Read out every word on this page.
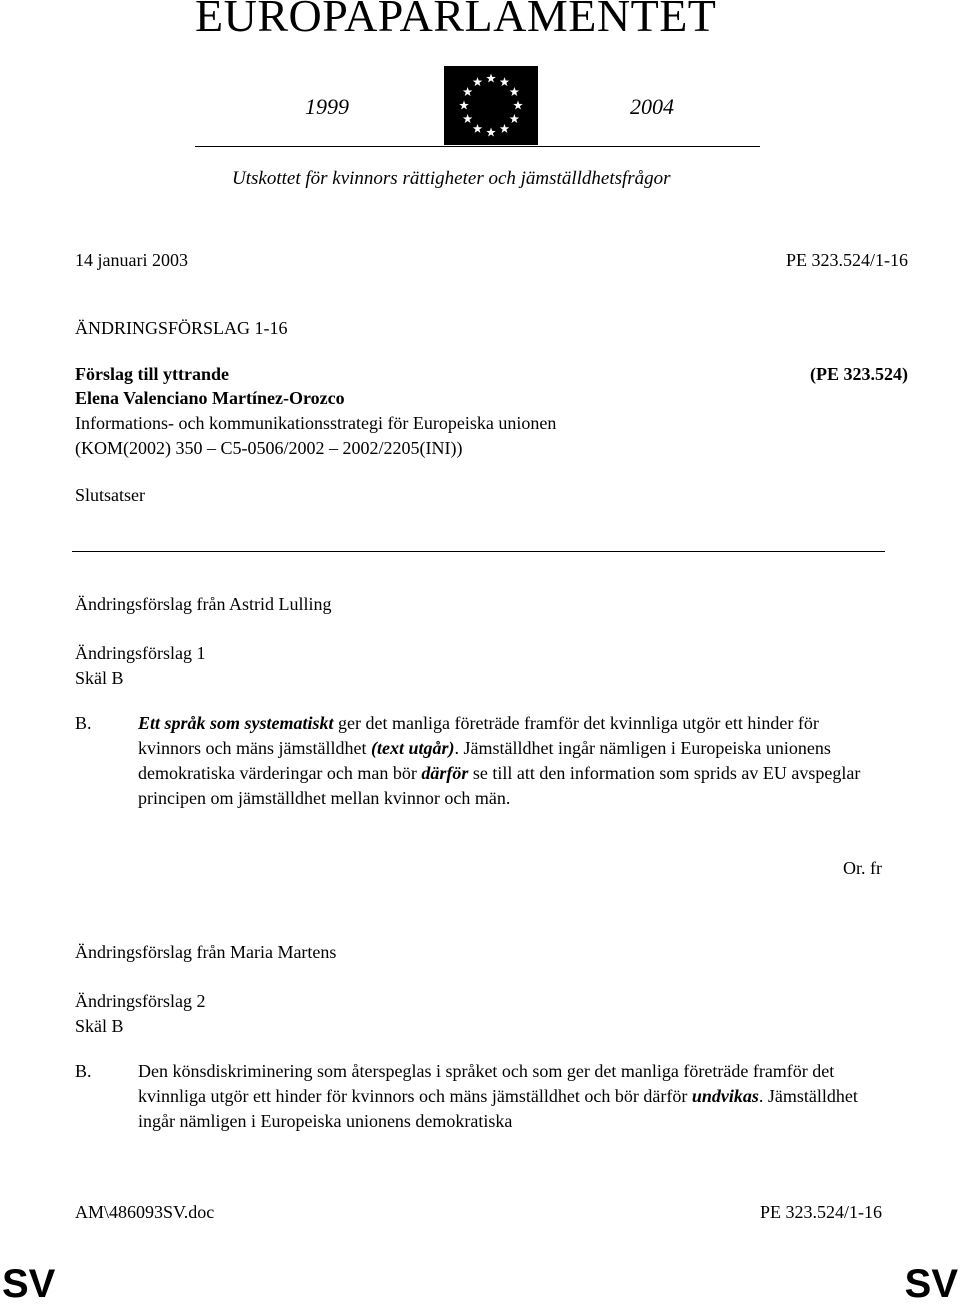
EUROPAPARLAMENTET
1999	2004
Utskottet för kvinnors rättigheter och jämställdhetsfrågor
14 januari 2003	PE 323.524/1-16
ÄNDRINGSFÖRSLAG 1-16
Förslag till yttrande	(PE 323.524)
Elena Valenciano Martínez-Orozco
Informations- och kommunikationsstrategi för Europeiska unionen
(KOM(2002) 350 – C5-0506/2002 – 2002/2205(INI))
Slutsatser
Ändringsförslag från Astrid Lulling
Ändringsförslag 1
Skäl B
B.	Ett språk som systematiskt ger det manliga företräde framför det kvinnliga utgör ett hinder för kvinnors och mäns jämställdhet (text utgår). Jämställdhet ingår nämligen i Europeiska unionens demokratiska värderingar och man bör därför se till att den information som sprids av EU avspeglar principen om jämställdhet mellan kvinnor och män.
Or. fr
Ändringsförslag från Maria Martens
Ändringsförslag 2
Skäl B
B.	Den könsdiskriminering som återspeglas i språket och som ger det manliga företräde framför det kvinnliga utgör ett hinder för kvinnors och mäns jämställdhet och bör därför undvikas. Jämställdhet ingår nämligen i Europeiska unionens demokratiska
AM\486093SV.doc	PE 323.524/1-16
SV	SV
